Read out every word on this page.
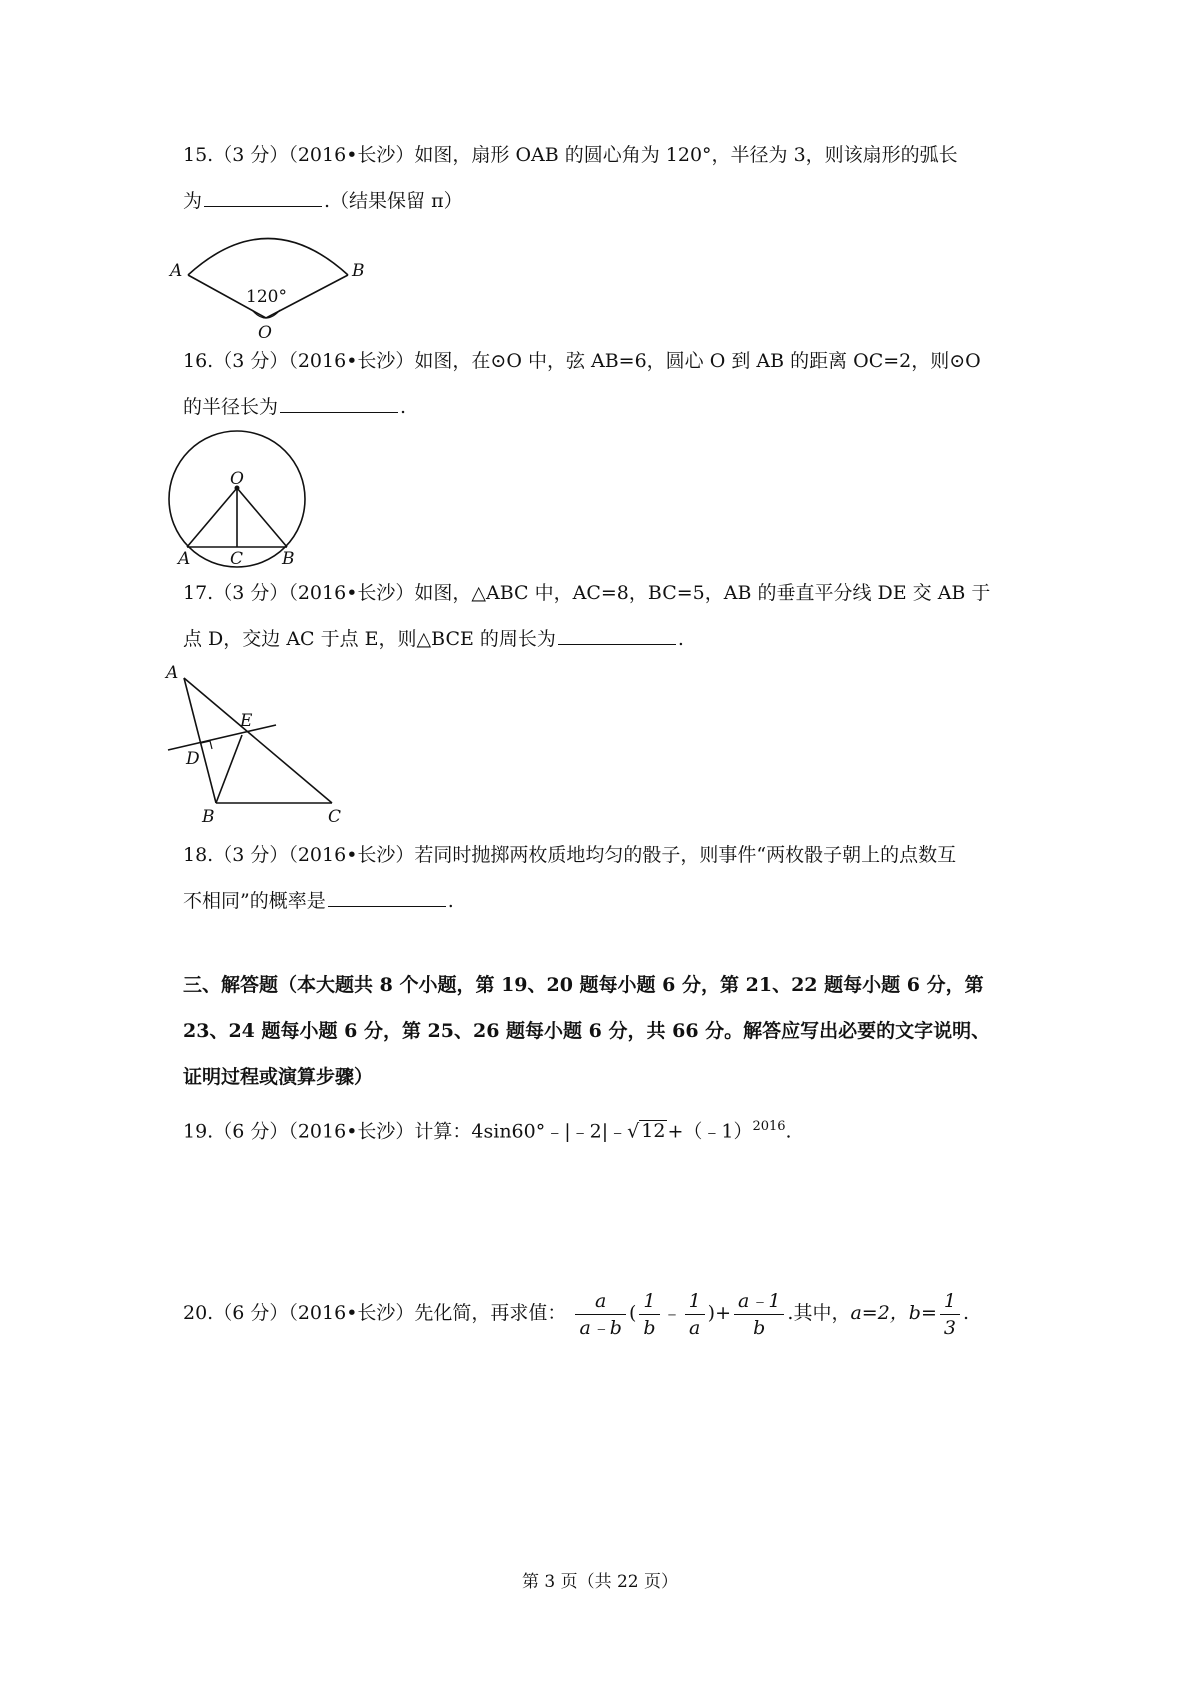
15.（3 分）（2016•长沙）如图，扇形 OAB 的圆心角为 120°，半径为 3，则该扇形的弧长
为	.（结果保留 π）
A	B
O
120°
16.（3 分）（2016•长沙）如图，在⊙O 中，弦 AB=6，圆心 O 到 AB 的距离 OC=2，则⊙O
的半径长为	.
O
A C B
17.（3 分）（2016•长沙）如图，△ABC 中，AC=8，BC=5，AB 的垂直平分线 DE 交 AB 于
点 D，交边 AC 于点 E，则△BCE 的周长为	.
A
E
D
B	C
18.（3 分）（2016•长沙）若同时抛掷两枚质地均匀的骰子，则事件“两枚骰子朝上的点数互
不相同”的概率是	.
三、解答题（本大题共 8 个小题，第 19、20 题每小题 6 分，第 21、22 题每小题 6 分，第
23、24 题每小题 6 分，第 25、26 题每小题 6 分，共 66 分。解答应写出必要的文字说明、
证明过程或演算步骤）
19.（6 分）（2016•长沙）计算：4sin60°﹣|﹣2|﹣√ 12 +（﹣1）$^{2016}$.
20.（6 分）（2016•长沙）先化简，再求值： $\frac{a}{a﹣b}$ ( $\frac{1}{b}$ ﹣ $\frac{1}{a}$ )+ $\frac{a﹣1}{b}$ .其中，a=2，$b= \frac{1}{3}$ .
第 3 页（共 22 页）
